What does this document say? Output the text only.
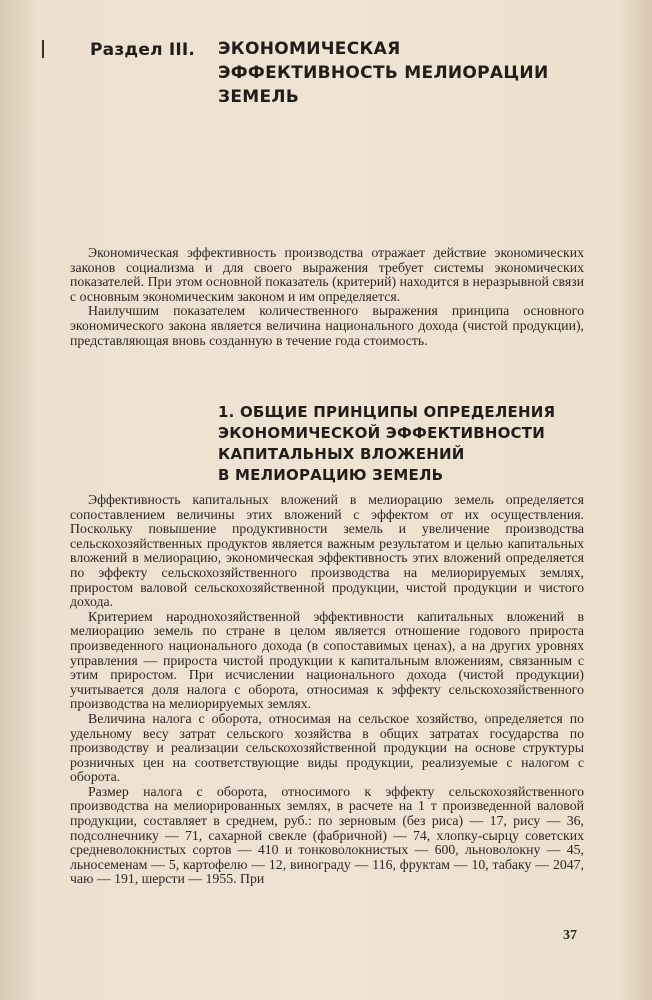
Раздел III. ЭКОНОМИЧЕСКАЯ
ЭФФЕКТИВНОСТЬ МЕЛИОРАЦИИ
ЗЕМЕЛЬ

Экономическая эффективность производства отражает действие экономических законов социализма и для своего выражения требует системы экономических показателей. При этом основной показатель (критерий) находится в неразрывной связи с основным экономическим законом и им определяется.

Наилучшим показателем количественного выражения принципа основного экономического закона является величина национального дохода (чистой продукции), представляющая вновь созданную в течение года стоимость.

1. ОБЩИЕ ПРИНЦИПЫ ОПРЕДЕЛЕНИЯ
ЭКОНОМИЧЕСКОЙ ЭФФЕКТИВНОСТИ
КАПИТАЛЬНЫХ ВЛОЖЕНИЙ
В МЕЛИОРАЦИЮ ЗЕМЕЛЬ

Эффективность капитальных вложений в мелиорацию земель определяется сопоставлением величины этих вложений с эффектом от их осуществления. Поскольку повышение продуктивности земель и увеличение производства сельскохозяйственных продуктов является важным результатом и целью капитальных вложений в мелиорацию, экономическая эффективность этих вложений определяется по эффекту сельскохозяйственного производства на мелиорируемых землях, приростом валовой сельскохозяйственной продукции, чистой продукции и чистого дохода.

Критерием народнохозяйственной эффективности капитальных вложений в мелиорацию земель по стране в целом является отношение годового прироста произведенного национального дохода (в сопоставимых ценах), а на других уровнях управления — прироста чистой продукции к капитальным вложениям, связанным с этим приростом. При исчислении национального дохода (чистой продукции) учитывается доля налога с оборота, относимая к эффекту сельскохозяйственного производства на мелиорируемых землях.

Величина налога с оборота, относимая на сельское хозяйство, определяется по удельному весу затрат сельского хозяйства в общих затратах государства по производству и реализации сельскохозяйственной продукции на основе структуры розничных цен на соответствующие виды продукции, реализуемые с налогом с оборота.

Размер налога с оборота, относимого к эффекту сельскохозяйственного производства на мелиорированных землях, в расчете на 1 т произведенной валовой продукции, составляет в среднем, руб.: по зерновым (без риса) — 17, рису — 36, подсолнечнику — 71, сахарной свекле (фабричной) — 74, хлопку-сырцу советских средневолокнистых сортов — 410 и тонковолокнистых — 600, льноволокну — 45, льносеменам — 5, картофелю — 12, винограду — 116, фруктам — 10, табаку — 2047, чаю — 191, шерсти — 1955. При

37
